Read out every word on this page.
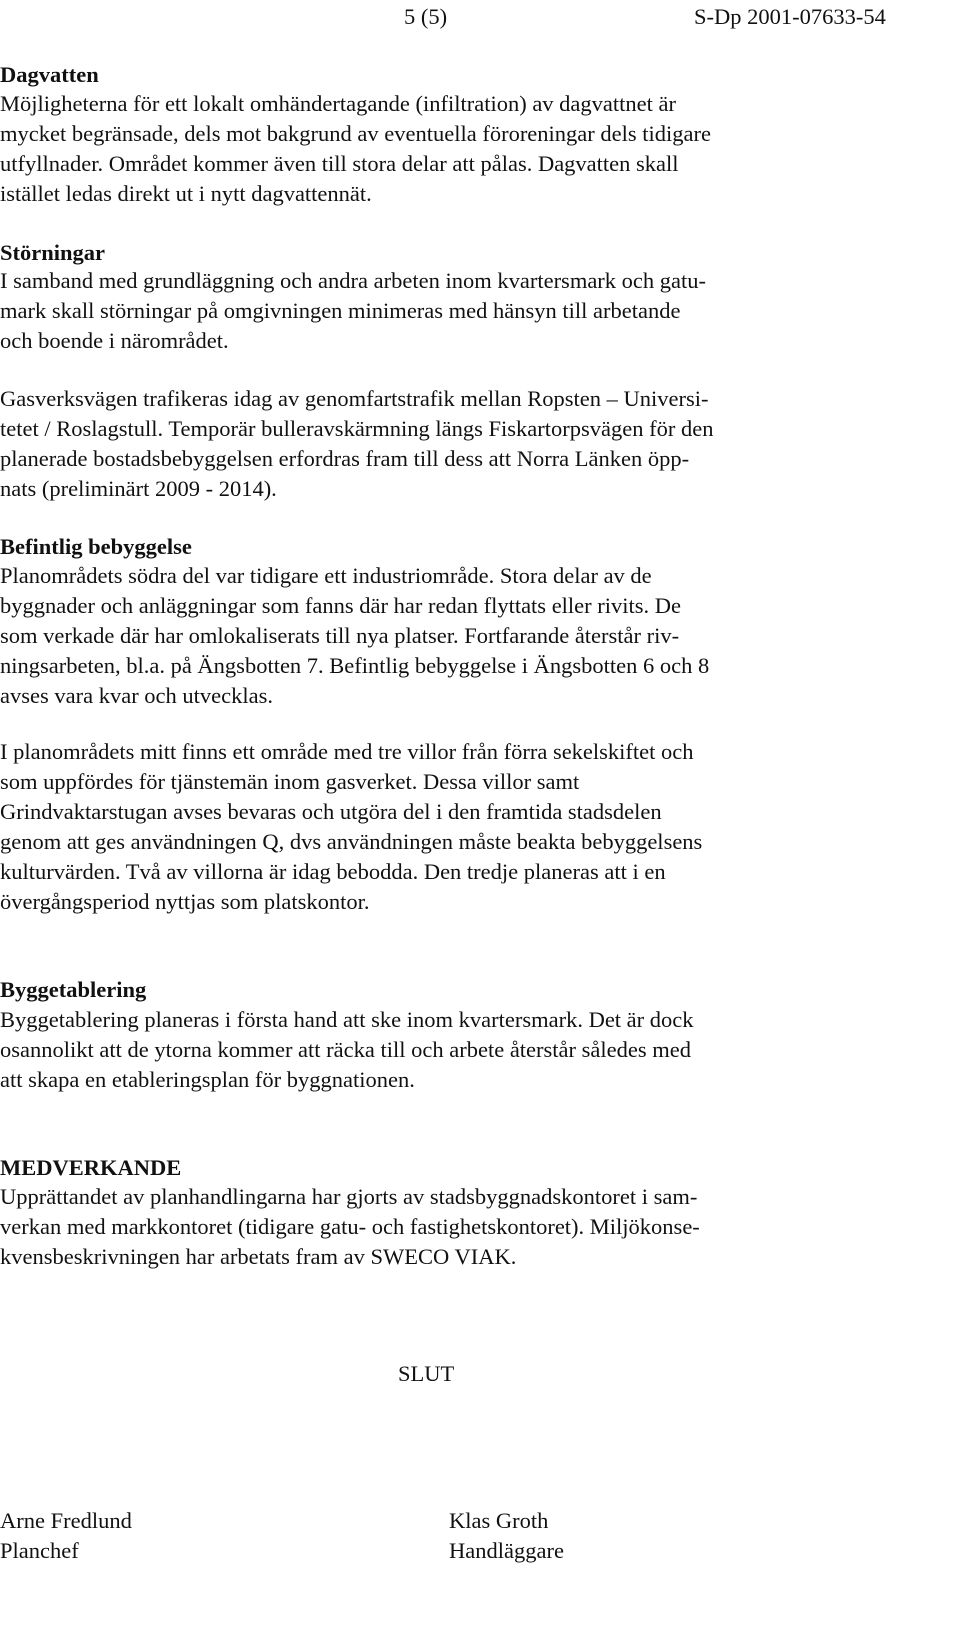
5 (5)	S-Dp 2001-07633-54

Dagvatten

Möjligheterna för ett lokalt omhändertagande (infiltration) av dagvattnet är
mycket begränsade, dels mot bakgrund av eventuella föroreningar dels tidigare
utfyllnader. Området kommer även till stora delar att pålas. Dagvatten skall
istället ledas direkt ut i nytt dagvattennät.

Störningar

I samband med grundläggning och andra arbeten inom kvartersmark och gatu-
mark skall störningar på omgivningen minimeras med hänsyn till arbetande
och boende i närområdet.
Gasverksvägen trafikeras idag av genomfartstrafik mellan Ropsten – Universi-
tetet / Roslagstull. Temporär bulleravskärmning längs Fiskartorpsvägen för den
planerade bostadsbebyggelsen erfordras fram till dess att Norra Länken öpp-
nats (preliminärt 2009 - 2014).

Befintlig bebyggelse

Planområdets södra del var tidigare ett industriområde. Stora delar av de
byggnader och anläggningar som fanns där har redan flyttats eller rivits. De
som verkade där har omlokaliserats till nya platser. Fortfarande återstår riv-
ningsarbeten, bl.a. på Ängsbotten 7. Befintlig bebyggelse i Ängsbotten 6 och 8
avses vara kvar och utvecklas.
I planområdets mitt finns ett område med tre villor från förra sekelskiftet och
som uppfördes för tjänstemän inom gasverket. Dessa villor samt
Grindvaktarstugan avses bevaras och utgöra del i den framtida stadsdelen
genom att ges användningen Q, dvs användningen måste beakta bebyggelsens
kulturvärden. Två av villorna är idag bebodda. Den tredje planeras att i en
övergångsperiod nyttjas som platskontor.

Byggetablering

Byggetablering planeras i första hand att ske inom kvartersmark. Det är dock
osannolikt att de ytorna kommer att räcka till och arbete återstår således med
att skapa en etableringsplan för byggnationen.

MEDVERKANDE

Upprättandet av planhandlingarna har gjorts av stadsbyggnadskontoret i sam-
verkan med markkontoret (tidigare gatu- och fastighetskontoret). Miljökonse-
kvensbeskrivningen har arbetats fram av SWECO VIAK.

SLUT

Arne Fredlund
Planchef
Klas Groth
Handläggare
